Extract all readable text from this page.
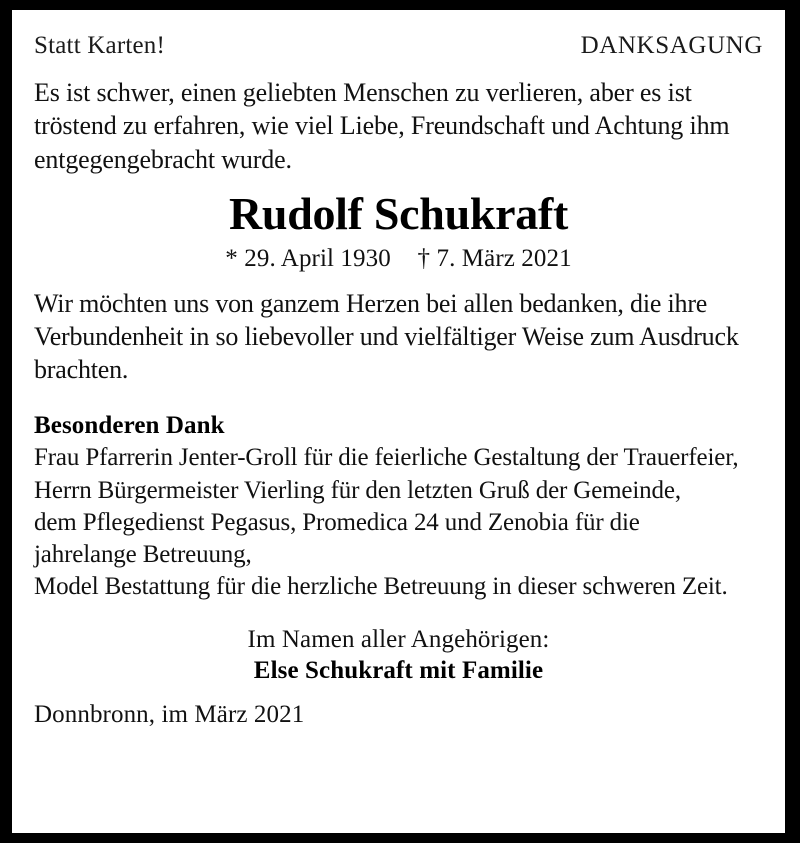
Statt Karten!	DANKSAGUNG

Es ist schwer, einen geliebten Menschen zu verlieren, aber es ist tröstend zu erfahren, wie viel Liebe, Freundschaft und Achtung ihm entgegengebracht wurde.

Rudolf Schukraft
* 29. April 1930 † 7. März 2021

Wir möchten uns von ganzem Herzen bei allen bedanken, die ihre Verbundenheit in so liebevoller und vielfältiger Weise zum Ausdruck brachten.

Besonderen Dank
Frau Pfarrerin Jenter-Groll für die feierliche Gestaltung der Trauerfeier,
Herrn Bürgermeister Vierling für den letzten Gruß der Gemeinde,
dem Pflegedienst Pegasus, Promedica 24 und Zenobia für die jahrelange Betreuung,
Model Bestattung für die herzliche Betreuung in dieser schweren Zeit.
Im Namen aller Angehörigen:
Else Schukraft mit Familie
Donnbronn, im März 2021
